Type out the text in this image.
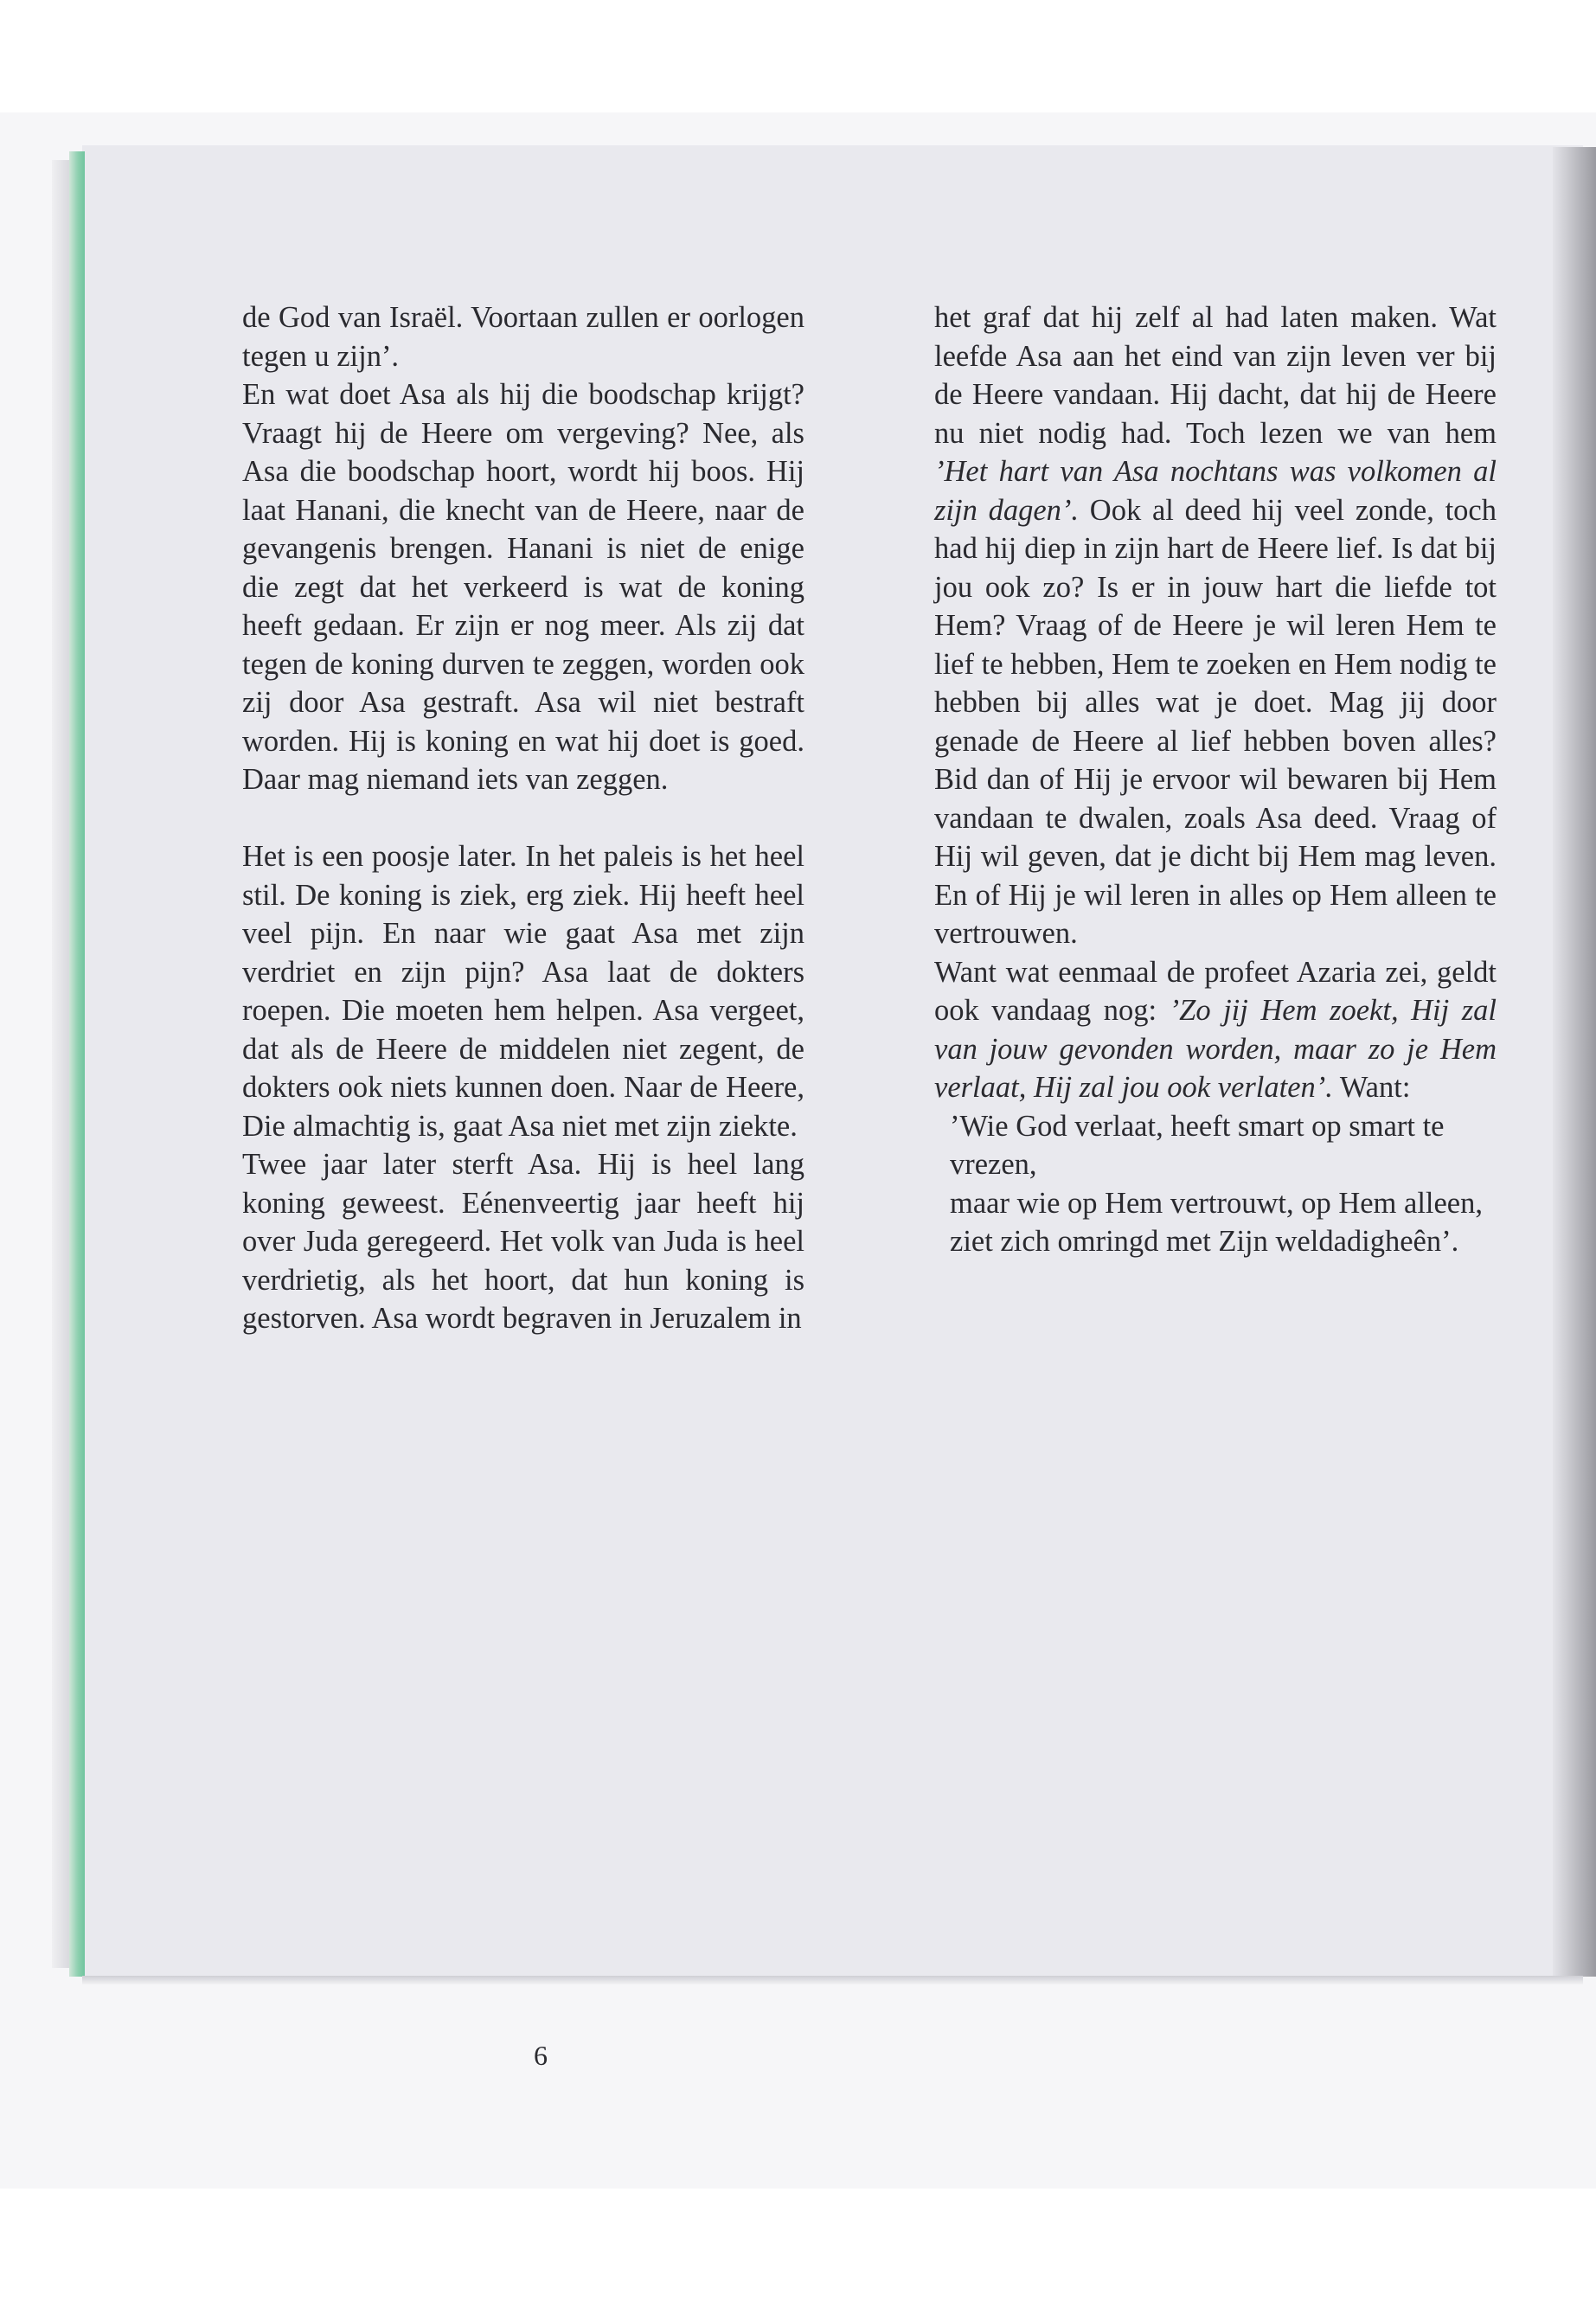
de God van Israël. Voortaan zullen er oorlogen tegen u zijn’.

En wat doet Asa als hij die boodschap krijgt? Vraagt hij de Heere om vergeving? Nee, als Asa die boodschap hoort, wordt hij boos. Hij laat Hanani, die knecht van de Heere, naar de gevangenis brengen. Hanani is niet de enige die zegt dat het verkeerd is wat de koning heeft gedaan. Er zijn er nog meer. Als zij dat tegen de koning durven te zeggen, worden ook zij door Asa gestraft. Asa wil niet bestraft worden. Hij is koning en wat hij doet is goed. Daar mag niemand iets van zeggen.

Het is een poosje later. In het paleis is het heel stil. De koning is ziek, erg ziek. Hij heeft heel veel pijn. En naar wie gaat Asa met zijn verdriet en zijn pijn? Asa laat de dokters roepen. Die moeten hem helpen. Asa vergeet, dat als de Heere de middelen niet zegent, de dokters ook niets kunnen doen. Naar de Heere, Die almachtig is, gaat Asa niet met zijn ziekte.

Twee jaar later sterft Asa. Hij is heel lang koning geweest. Eénenveertig jaar heeft hij over Juda geregeerd. Het volk van Juda is heel verdrietig, als het hoort, dat hun koning is gestorven. Asa wordt begraven in Jeruzalem in

het graf dat hij zelf al had laten maken. Wat leefde Asa aan het eind van zijn leven ver bij de Heere vandaan. Hij dacht, dat hij de Heere nu niet nodig had. Toch lezen we van hem ’Het hart van Asa nochtans was volkomen al zijn dagen’. Ook al deed hij veel zonde, toch had hij diep in zijn hart de Heere lief. Is dat bij jou ook zo? Is er in jouw hart die liefde tot Hem? Vraag of de Heere je wil leren Hem te lief te hebben, Hem te zoeken en Hem nodig te hebben bij alles wat je doet. Mag jij door genade de Heere al lief hebben boven alles? Bid dan of Hij je ervoor wil bewaren bij Hem vandaan te dwalen, zoals Asa deed. Vraag of Hij wil geven, dat je dicht bij Hem mag leven. En of Hij je wil leren in alles op Hem alleen te vertrouwen.

Want wat eenmaal de profeet Azaria zei, geldt ook vandaag nog: ’Zo jij Hem zoekt, Hij zal van jouw gevonden worden, maar zo je Hem verlaat, Hij zal jou ook verlaten’. Want:

’Wie God verlaat, heeft smart op smart te vrezen,

maar wie op Hem vertrouwt, op Hem alleen,

ziet zich omringd met Zijn weldadigheên’.

6
